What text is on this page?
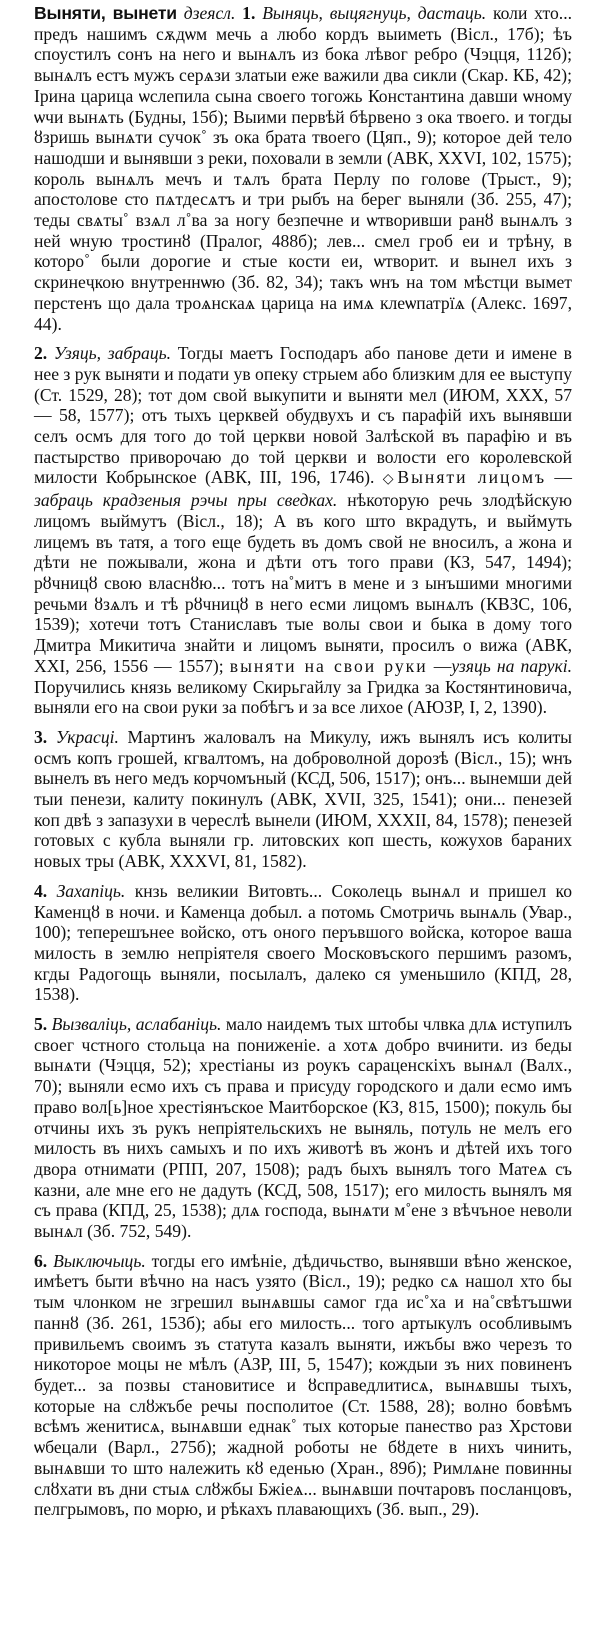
Выняти, вынети дзеясл. 1. Выняць, выцягнуць, дастаць. коли хто... предъ нашимъ сѫдѡм мечь а любо кордъ выиметь (Вісл., 17б); ѣъ споустилъ сонъ на него и вынѧлъ из бока лѣвог ребро (Чэцця, 112б); вынѧлъ естъ мужъ серѧзи златыи еже важили два сикли (Скар. КБ, 42); Ірина царица ѡслепила сына своего тогожь Константина давши ѡному ѡчи вынѧть (Будны, 15б); Выими первѣй бѣрвено з ока твоего. и тогды ȣзришь вынѧти сучок˚ зъ ока брата твоего (Цяп., 9); которое дей тело нашодши и вынявши з реки, поховали в земли (АВК, XXVI, 102, 1575); король вынѧлъ мечъ и тѧлъ брата Перлу по голове (Трыст., 9); апостолове сто пѧтдесѧтъ и три рыбъ на берег выняли (Зб. 255, 47); теды свѧты˚ взѧл л˚ва за ногу безпечне и ѡтворивши ранȣ вынѧлъ з ней ѡную тростинȣ (Пралог, 488б); лев... смел гроб еи и трѣну, в которо˚ были дорогие и стые кости еи, ѡтворит. и вынел ихъ з скринеҷкою внутреннѡю (Зб. 82, 34); такъ ѡнъ на том мѣстци вымет перстенъ що дала троѧнскаѧ царица на имѧ клеѡпатрїѧ (Алекс. 1697, 44).

2. Узяць, забраць. Тогды маетъ Господаръ або панове дети и имене в нее з рук выняти и подати ув опеку стрыем або близким для ее выступу (Ст. 1529, 28); тот дом свой выкупити и выняти мел (ИЮМ, XXX, 57 — 58, 1577); отъ тыхъ церквей обудвухъ и съ парафій ихъ вынявши селъ осмъ для того до той церкви новой Залѣской въ парафію и въ пастырство приворочаю до той церкви и волости его королевской милости Кобрынское (АВК, III, 196, 1746). ◇Выняти лицомъ — забраць крадзеныя рэчы пры сведках. нѣкоторую речь злодѣйскую лицомъ выймутъ (Вісл., 18); А въ кого што вкрадуть, и выймуть лицемъ въ татя, а того еще будеть въ домъ свой не вносилъ, а жона и дѣти не пожывали, жона и дѣти отъ того прави (КЗ, 547, 1494); рȣчницȣ свою власнȣю... тотъ на˚митъ в мене и з ынъшими многими речьми ȣзѧлъ и тѣ рȣчницȣ в него есми лицомъ вынѧлъ (КВЗС, 106, 1539); хотечи тотъ Станиславъ тые волы свои и быка в дому того Дмитра Микитича знайти и лицомъ выняти, просилъ о вижа (АВК, XXI, 256, 1556 — 1557); выняти на свои руки —узяць на парукі. Поручилиcь князь великому Скирьгайлу за Гридка за Костянтиновича, выняли его на свои руки за побѣгъ и за все лихое (АЮЗР, I, 2, 1390).

3. Украсці. Мартинъ жаловалъ на Микулу, ижъ вынялъ исъ колиты осмъ копъ грошей, кгвалтомъ, на доброволной дорозѣ (Вісл., 15); ѡнъ вынелъ въ него медъ корчомъный (КСД, 506, 1517); онъ... вынемши дей тыи пенези, калиту покинулъ (АВК, XVII, 325, 1541); они... пенезей коп двѣ з запазухи в черeслѣ вынели (ИЮМ, XXXII, 84, 1578); пенезей готовых с кубла выняли гр. литовских коп шесть, кожухов бараних новых тры (АВК, XXXVI, 81, 1582).

4. Захапіць. кнзь великии Витовть... Соколець вынѧл и пришел ко Каменцȣ в ночи. и Каменца добыл. а потомь Смотричь вынѧль (Увар., 100); теперешънее войско, отъ оного перъвшого войска, которое ваша милость в землю непріятеля своего Московъского першимъ разомъ, кгды Радогощь выняли, посылалъ, далеко ся уменьшило (КПД, 28, 1538).

5. Вызваліць, аслабаніць. мало наидемъ тых штобы члвка длѧ иступилъ своег чстного стольца на пониженіе. а хотѧ добро вчинити. из беды вынѧти (Чэцця, 52); хрестіаны из роукъ сараценскіхъ вынѧл (Валх., 70); выняли есмо ихъ съ права и присуду городского и дали есмо имъ право вол[ь]ное хрестіянъское Маитборское (КЗ, 815, 1500); покуль бы отчины ихъ зъ рукъ непріятельскихъ не выняль, потуль не мелъ его милость въ нихъ самыхъ и по ихъ животѣ въ жонъ и дѣтей ихъ того двора отнимати (РПП, 207, 1508); радъ быхъ вынялъ того Матеѧ съ казни, але мне его не дадуть (КСД, 508, 1517); его милость вынялъ мя съ права (КПД, 25, 1538); длѧ господа, вынѧти м˚ене з вѣчъное неволи вынѧл (Зб. 752, 549).

6. Выключыць. тогды его имѣніе, дѣдичьство, вынявши вѣно женское, имѣетъ быти вѣчно на насъ узято (Вісл., 19); редко сѧ нашол хто бы тым члонком не згрешил вынѧвшы самог гда ис˚ха и на˚свѣтъшѡи паннȣ (Зб. 261, 153б); абы его милость... того артыкулъ особливымъ привильемъ своимъ зъ статута казалъ выняти, ижъбы вжо черезъ то никоторое моцы не мѣлъ (АЗР, III, 5, 1547); кождыи зъ них повиненъ будет... за позвы становитисе и ȣсправедлитисѧ, вынѧвшы тыхъ, которые на слȣжъбе речы посполитое (Ст. 1588, 28); волно бовѣмъ всѣмъ женитисѧ, вынѧвши еднак˚ тых которые панеcтво раз Хрстови ѡбецали (Варл., 275б); жадной роботы не бȣдете в нихъ чинить, вынѧвши то што належить кȣ еденью (Хран., 89б); Римлѧне повинны слȣхати въ дни стыѧ слȣжбы Бжіеѧ... вынѧвши почтаровъ посланцовъ, пелгрымовъ, по морю, и рѣкахъ плавающихъ (Зб. вып., 29).
